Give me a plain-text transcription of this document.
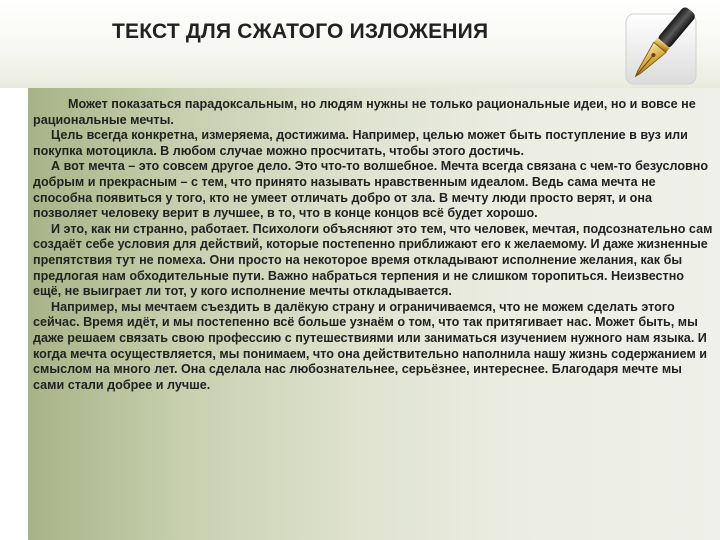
ТЕКСТ ДЛЯ СЖАТОГО ИЗЛОЖЕНИЯ

Может показаться парадоксальным, но людям нужны не только рациональные идеи, но и вовсе не рациональные мечты.

Цель всегда конкретна, измеряема, достижима. Например, целью может быть поступление в вуз или покупка мотоцикла. В любом случае можно просчитать, чтобы этого достичь.

А вот мечта – это совсем другое дело. Это что-то волшебное. Мечта всегда связана с чем-то безусловно добрым и прекрасным – с тем, что принято называть нравственным идеалом. Ведь сама мечта не способна появиться у того, кто не умеет отличать добро от зла. В мечту люди просто верят, и она позволяет человеку верит в лучшее, в то, что в конце концов всё будет хорошо.

И это, как ни странно, работает. Психологи объясняют это тем, что человек, мечтая, подсознательно сам создаёт себе условия для действий, которые постепенно приближают его к желаемому. И даже жизненные препятствия тут не помеха. Они просто на некоторое время откладывают исполнение желания, как бы предлогая нам обходительные пути. Важно набраться терпения и не слишком торопиться. Неизвестно ещё, не выиграет ли тот, у кого исполнение мечты откладывается.

Например, мы мечтаем съездить в далёкую страну и ограничиваемся, что не можем сделать этого сейчас. Время идёт, и мы постепенно всё больше узнаём о том, что так притягивает нас. Может быть, мы даже решаем связать свою профессию с путешествиями или заниматься изучением нужного нам языка. И когда мечта осуществляется, мы понимаем, что она действительно наполнила нашу жизнь содержанием и смыслом на много лет. Она сделала нас любознательнее, серьёзнее, интереснее. Благодаря мечте мы сами стали добрее и лучше.
